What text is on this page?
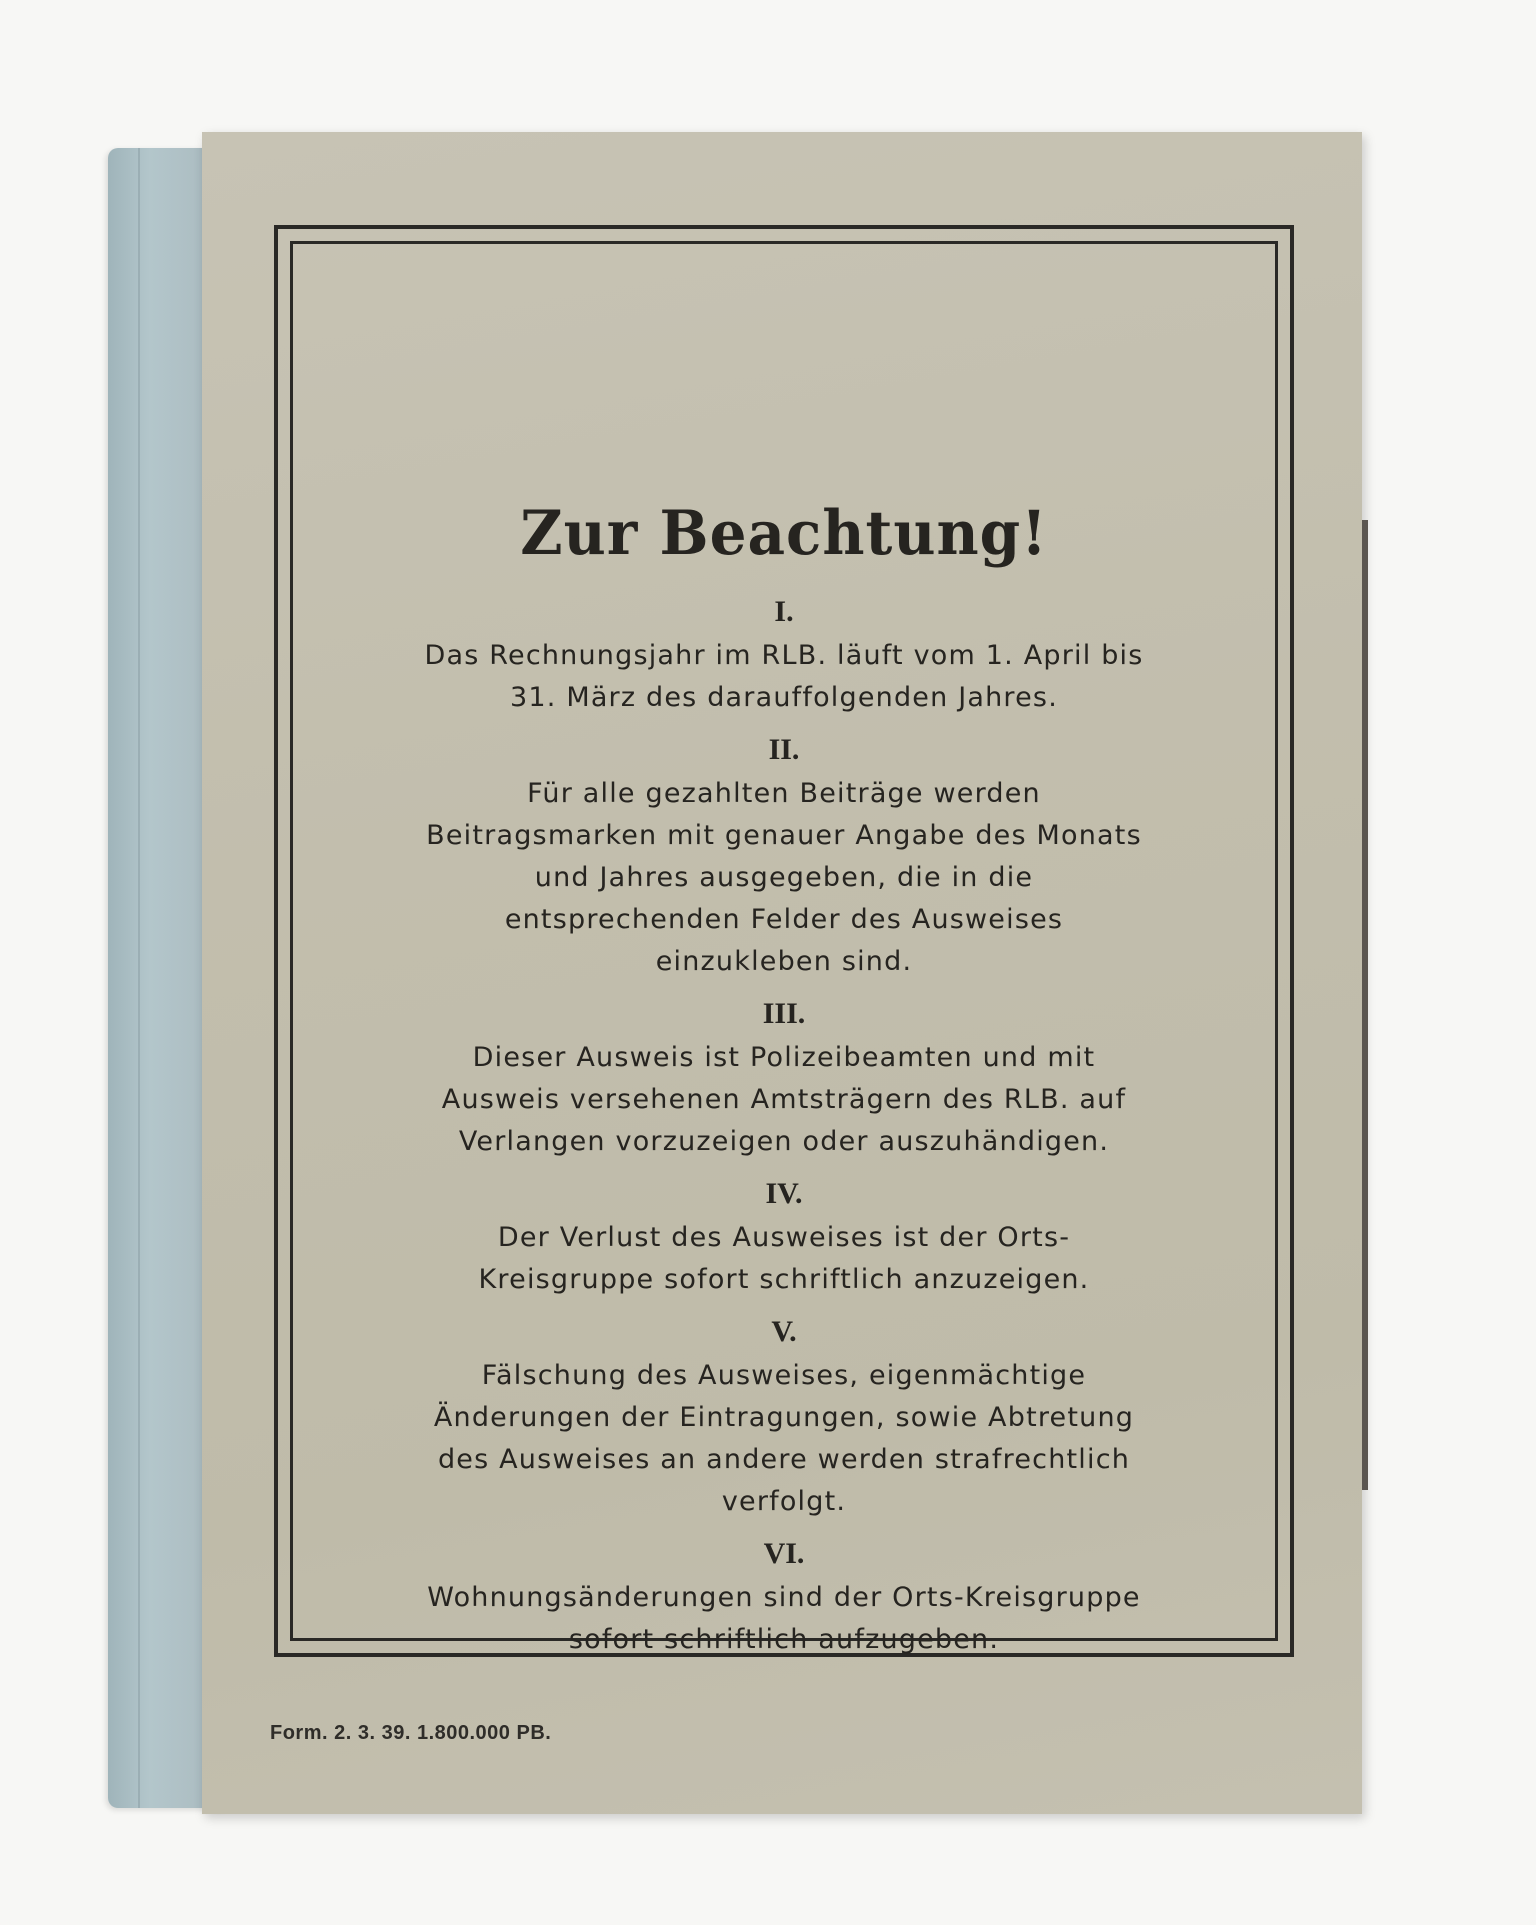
Zur Beachtung!
I.
Das Rechnungsjahr im RLB. läuft vom 1. April bis 31. März des darauffolgenden Jahres.
II.
Für alle gezahlten Beiträge werden Beitragsmarken mit genauer Angabe des Monats und Jahres ausgegeben, die in die entsprechenden Felder des Ausweises einzukleben sind.
III.
Dieser Ausweis ist Polizeibeamten und mit Ausweis versehenen Amtsträgern des RLB. auf Verlangen vorzuzeigen oder auszuhändigen.
IV.
Der Verlust des Ausweises ist der Orts-Kreisgruppe sofort schriftlich anzuzeigen.
V.
Fälschung des Ausweises, eigenmächtige Änderungen der Eintragungen, sowie Abtretung des Ausweises an andere werden strafrechtlich verfolgt.
VI.
Wohnungsänderungen sind der Orts-Kreisgruppe sofort schriftlich aufzugeben.
Form. 2. 3. 39. 1.800.000 PB.
